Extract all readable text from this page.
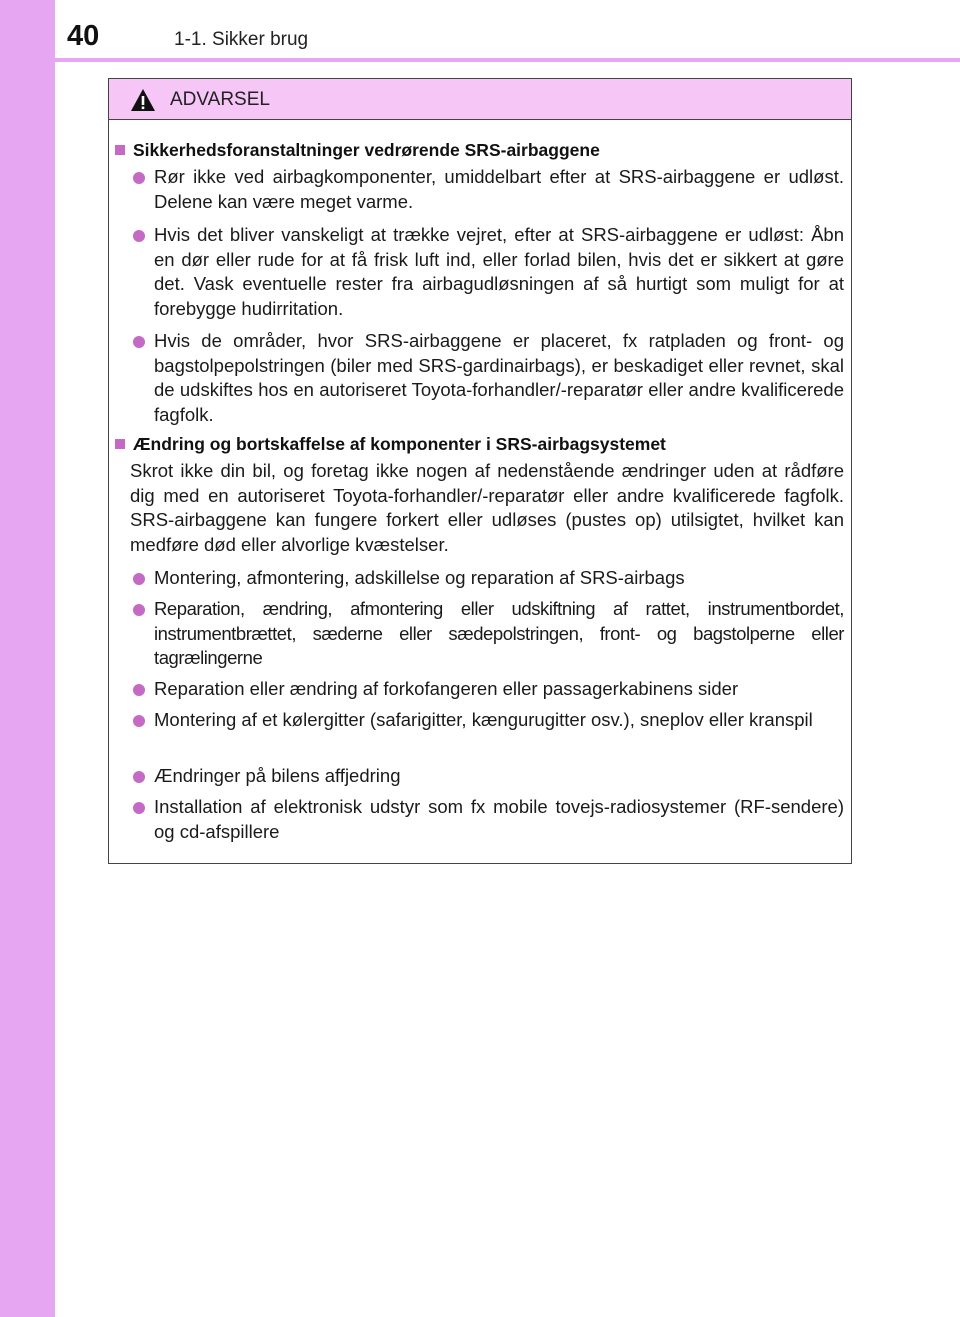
40	1-1. Sikker brug
ADVARSEL
Sikkerhedsforanstaltninger vedrørende SRS-airbaggene
Rør ikke ved airbagkomponenter, umiddelbart efter at SRS-airbaggene er udløst. Delene kan være meget varme.
Hvis det bliver vanskeligt at trække vejret, efter at SRS-airbaggene er udløst: Åbn en dør eller rude for at få frisk luft ind, eller forlad bilen, hvis det er sikkert at gøre det. Vask eventuelle rester fra airbagudløsningen af så hurtigt som muligt for at forebygge hudirritation.
Hvis de områder, hvor SRS-airbaggene er placeret, fx ratpladen og front- og bagstolpepolstringen (biler med SRS-gardinairbags), er beskadiget eller revnet, skal de udskiftes hos en autoriseret Toyota-forhandler/-reparatør eller andre kvalificerede fagfolk.
Ændring og bortskaffelse af komponenter i SRS-airbagsystemet
Skrot ikke din bil, og foretag ikke nogen af nedenstående ændringer uden at rådføre dig med en autoriseret Toyota-forhandler/-reparatør eller andre kvalificerede fagfolk. SRS-airbaggene kan fungere forkert eller udløses (pustes op) utilsigtet, hvilket kan medføre død eller alvorlige kvæstelser.
Montering, afmontering, adskillelse og reparation af SRS-airbags
Reparation, ændring, afmontering eller udskiftning af rattet, instrumentbordet, instrumentbrættet, sæderne eller sædepolstringen, front- og bagstolperne eller tagrælingerne
Reparation eller ændring af forkofangeren eller passagerkabinens sider
Montering af et kølergitter (safarigitter, kængurugitter osv.), sneplov eller kranspil
Ændringer på bilens affjedring
Installation af elektronisk udstyr som fx mobile tovejs-radiosystemer (RF-sendere) og cd-afspillere
